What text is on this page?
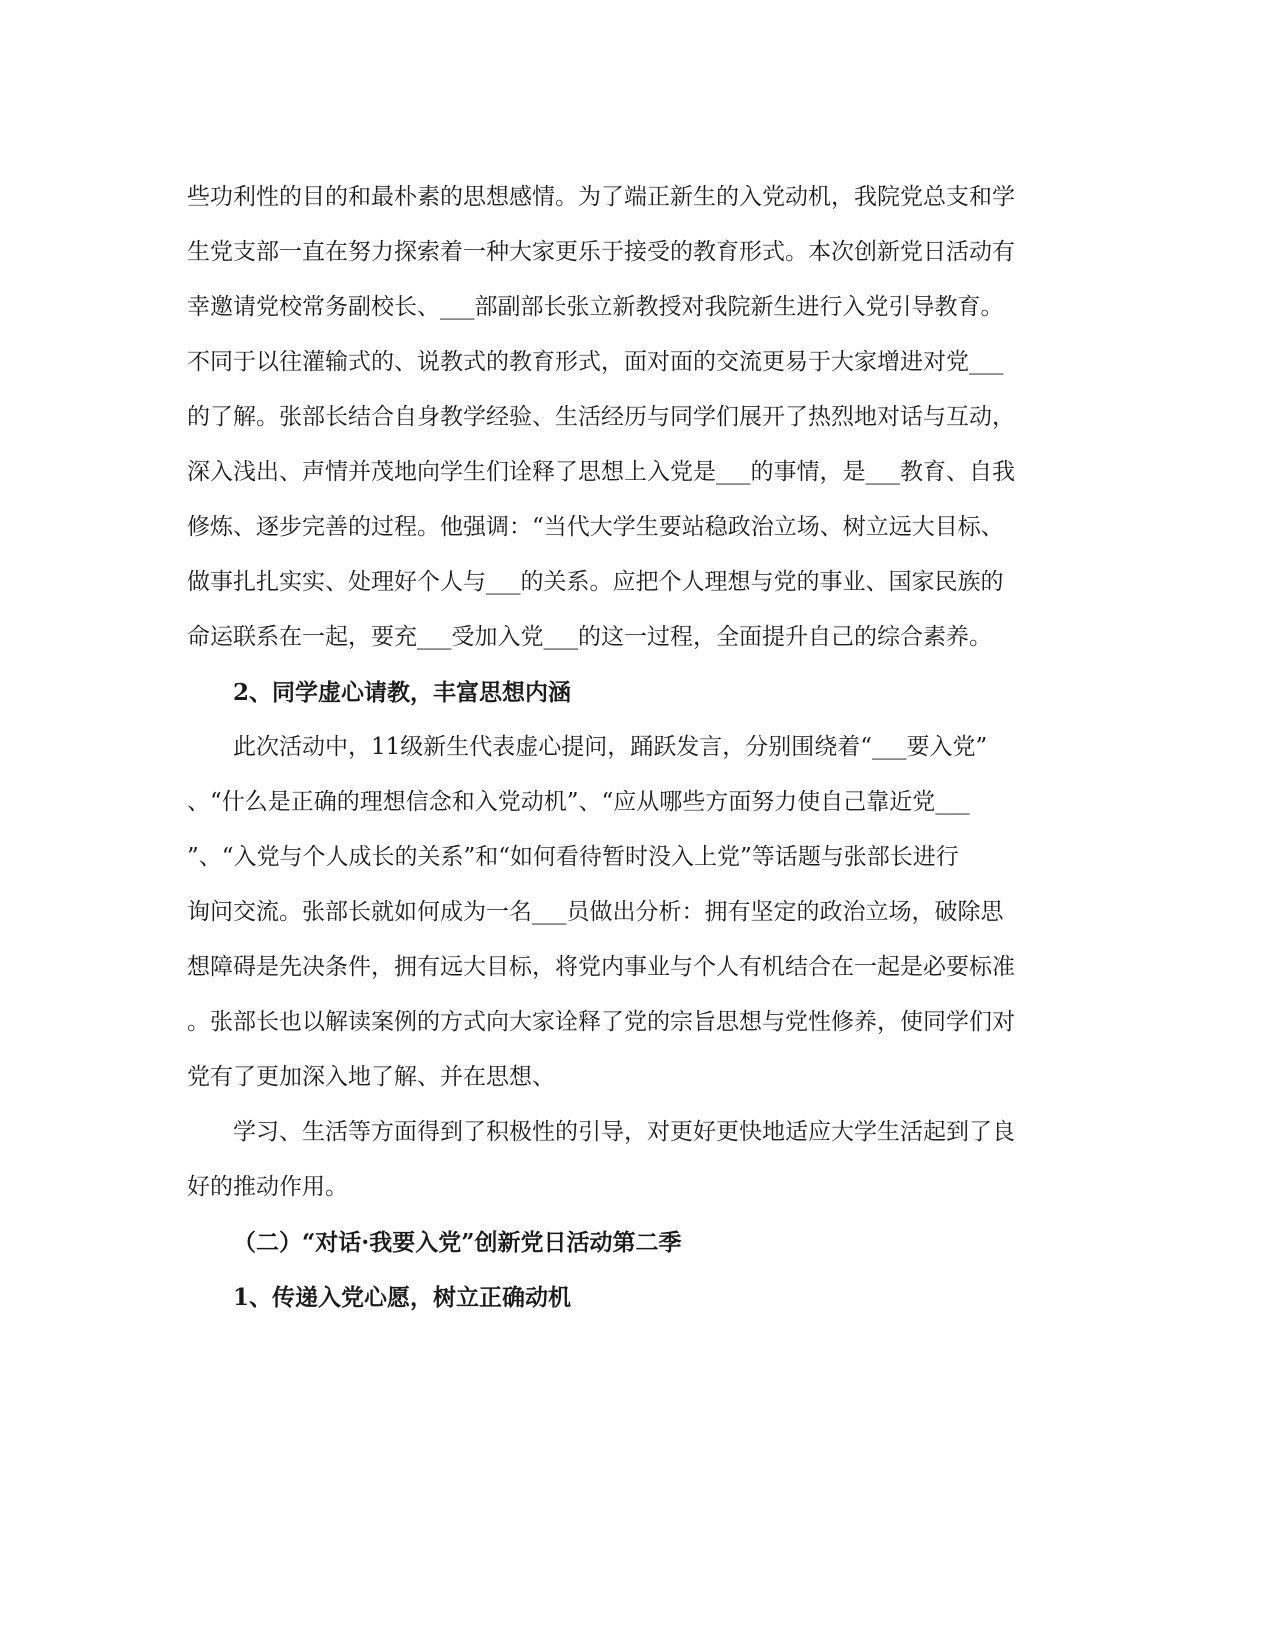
些功利性的目的和最朴素的思想感情。为了端正新生的入党动机，我院党总支和学
生党支部一直在努力探索着一种大家更乐于接受的教育形式。本次创新党日活动有
幸邀请党校常务副校长、___部副部长张立新教授对我院新生进行入党引导教育。
不同于以往灌输式的、说教式的教育形式，面对面的交流更易于大家增进对党___
的了解。张部长结合自身教学经验、生活经历与同学们展开了热烈地对话与互动，
深入浅出、声情并茂地向学生们诠释了思想上入党是___的事情，是___教育、自我
修炼、逐步完善的过程。他强调：“当代大学生要站稳政治立场、树立远大目标、
做事扎扎实实、处理好个人与___的关系。应把个人理想与党的事业、国家民族的
命运联系在一起，要充___受加入党___的这一过程，全面提升自己的综合素养。
2、同学虚心请教，丰富思想内涵
此次活动中，11级新生代表虚心提问，踊跃发言，分别围绕着“___要入党”
、“什么是正确的理想信念和入党动机”、“应从哪些方面努力使自己靠近党___
”、“入党与个人成长的关系”和“如何看待暂时没入上党”等话题与张部长进行
询问交流。张部长就如何成为一名___员做出分析：拥有坚定的政治立场，破除思
想障碍是先决条件，拥有远大目标，将党内事业与个人有机结合在一起是必要标准
。张部长也以解读案例的方式向大家诠释了党的宗旨思想与党性修养，使同学们对
党有了更加深入地了解、并在思想、
学习、生活等方面得到了积极性的引导，对更好更快地适应大学生活起到了良
好的推动作用。
（二）“对话·我要入党”创新党日活动第二季
1、传递入党心愿，树立正确动机
